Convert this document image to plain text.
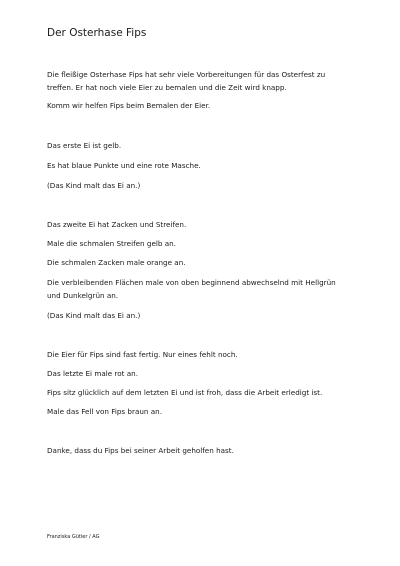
Der Osterhase Fips
Die fleißige Osterhase Fips hat sehr viele Vorbereitungen für das Osterfest zu
treffen. Er hat noch viele Eier zu bemalen und die Zeit wird knapp.
Komm wir helfen Fips beim Bemalen der Eier.
Das erste Ei ist gelb.
Es hat blaue Punkte und eine rote Masche.
(Das Kind malt das Ei an.)
Das zweite Ei hat Zacken und Streifen.
Male die schmalen Streifen gelb an.
Die schmalen Zacken male orange an.
Die verbleibenden Flächen male von oben beginnend abwechselnd mit Hellgrün
und Dunkelgrün an.
(Das Kind malt das Ei an.)
Die Eier für Fips sind fast fertig. Nur eines fehlt noch.
Das letzte Ei male rot an.
Fips sitz glücklich auf dem letzten Ei und ist froh, dass die Arbeit erledigt ist.
Male das Fell von Fips braun an.
Danke, dass du Fips bei seiner Arbeit geholfen hast.
Franziska Gütler / AG
